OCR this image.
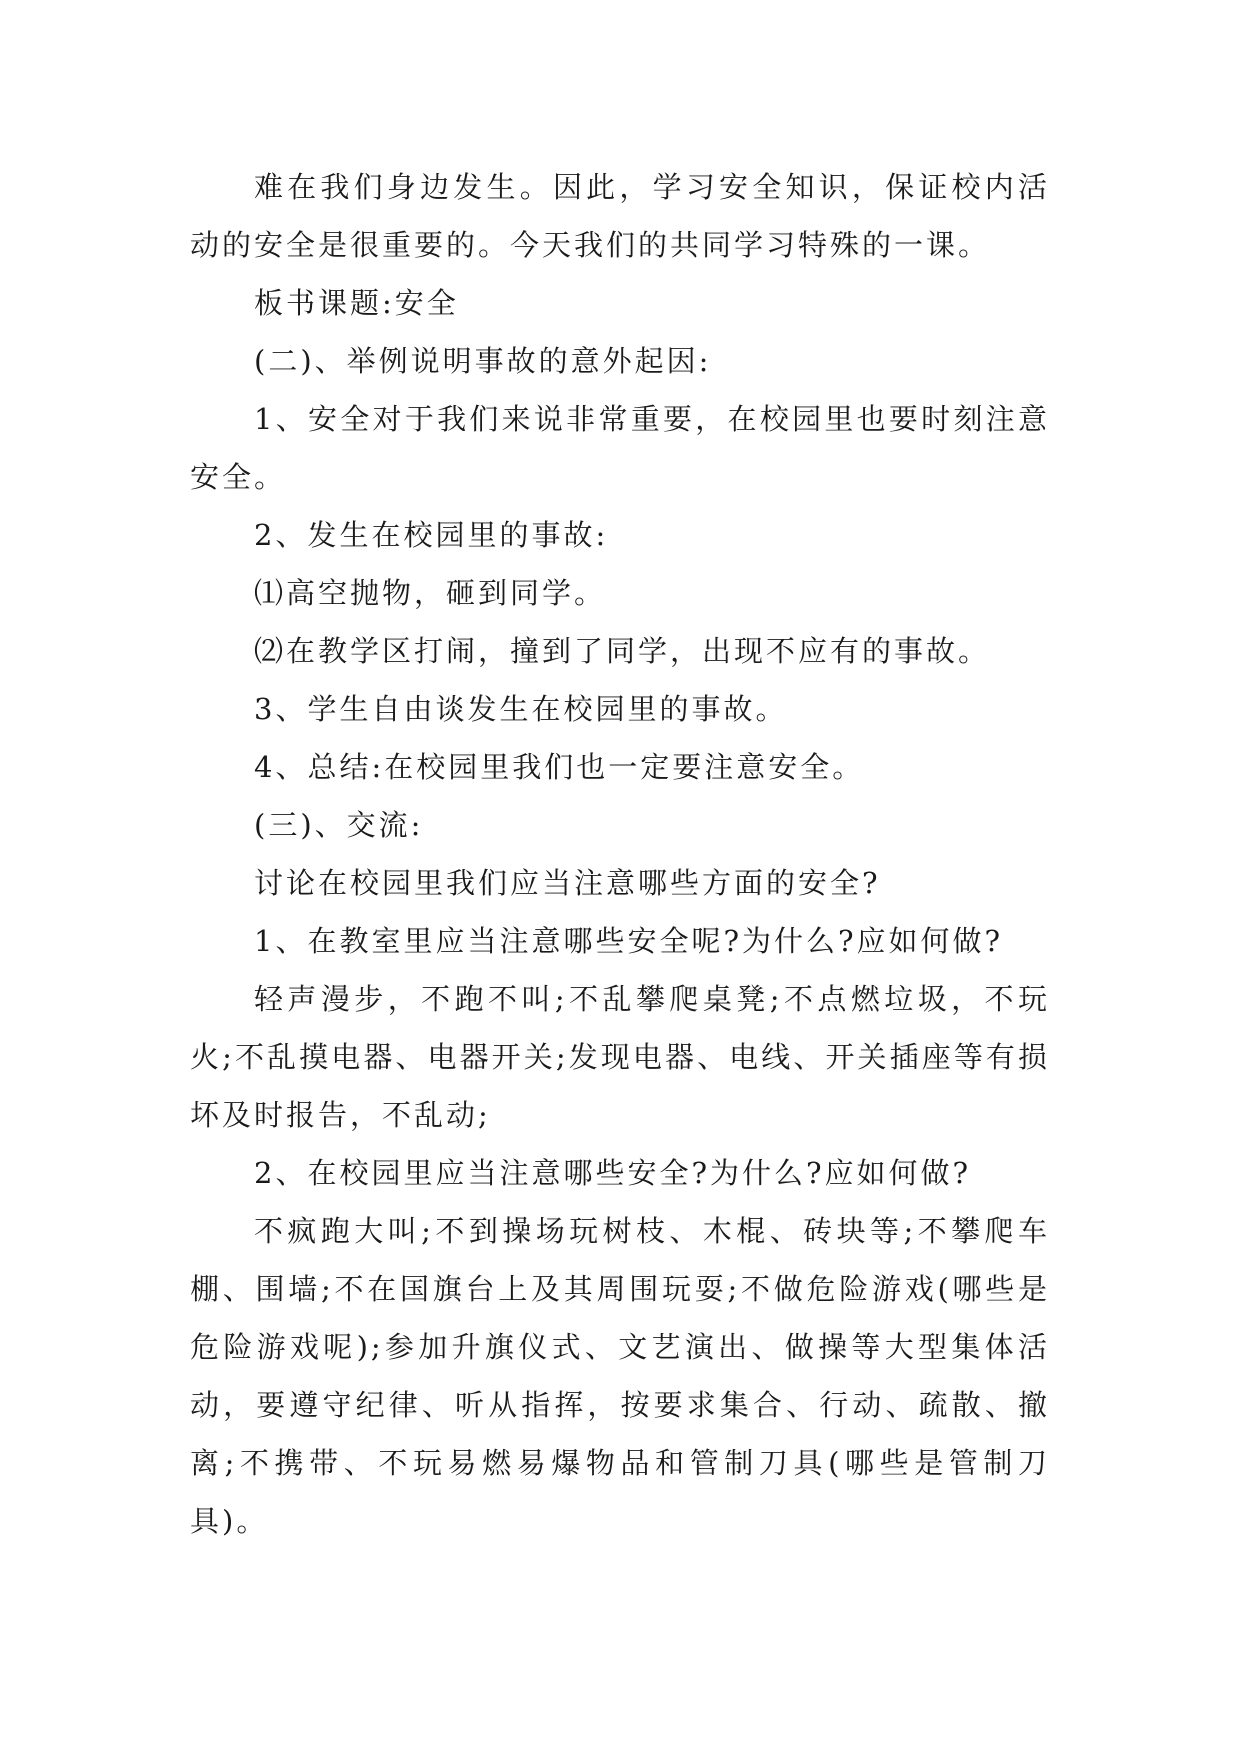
难在我们身边发生。因此，学习安全知识，保证校内活动的安全是很重要的。今天我们的共同学习特殊的一课。

板书课题:安全

(二)、举例说明事故的意外起因:

1、安全对于我们来说非常重要，在校园里也要时刻注意安全。

2、发生在校园里的事故:

⑴高空抛物，砸到同学。

⑵在教学区打闹，撞到了同学，出现不应有的事故。

3、学生自由谈发生在校园里的事故。

4、总结:在校园里我们也一定要注意安全。

(三)、交流:

讨论在校园里我们应当注意哪些方面的安全?

1、在教室里应当注意哪些安全呢?为什么?应如何做?

轻声漫步，不跑不叫;不乱攀爬桌凳;不点燃垃圾，不玩火;不乱摸电器、电器开关;发现电器、电线、开关插座等有损坏及时报告，不乱动;

2、在校园里应当注意哪些安全?为什么?应如何做?

不疯跑大叫;不到操场玩树枝、木棍、砖块等;不攀爬车棚、围墙;不在国旗台上及其周围玩耍;不做危险游戏(哪些是危险游戏呢);参加升旗仪式、文艺演出、做操等大型集体活动，要遵守纪律、听从指挥，按要求集合、行动、疏散、撤离;不携带、不玩易燃易爆物品和管制刀具(哪些是管制刀具)。
